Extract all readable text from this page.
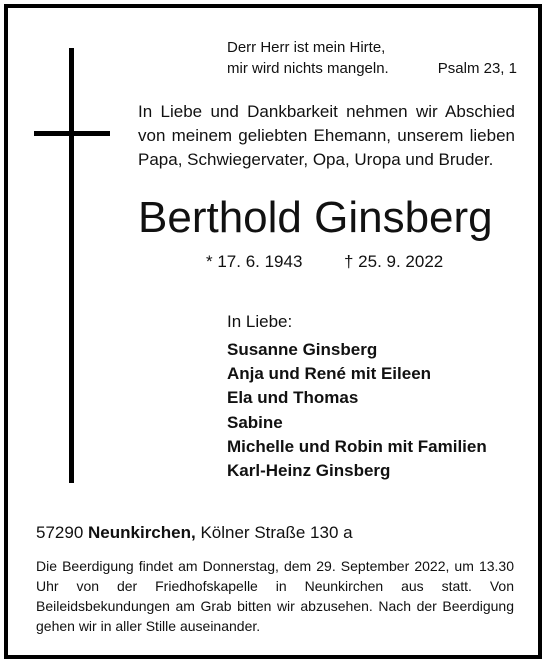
Derr Herr ist mein Hirte,
mir wird nichts mangeln.	Psalm 23, 1
In Liebe und Dankbarkeit nehmen wir Abschied von meinem geliebten Ehemann, unserem lieben Papa, Schwiegervater, Opa, Uropa und Bruder.
Berthold Ginsberg
* 17. 6. 1943 † 25. 9. 2022
In Liebe:
Susanne Ginsberg
Anja und René mit Eileen
Ela und Thomas
Sabine
Michelle und Robin mit Familien
Karl-Heinz Ginsberg
57290 Neunkirchen, Kölner Straße 130 a
Die Beerdigung findet am Donnerstag, dem 29. September 2022, um 13.30 Uhr von der Friedhofskapelle in Neunkirchen aus statt. Von Beileidsbekundungen am Grab bitten wir abzusehen. Nach der Beerdigung gehen wir in aller Stille auseinander.
